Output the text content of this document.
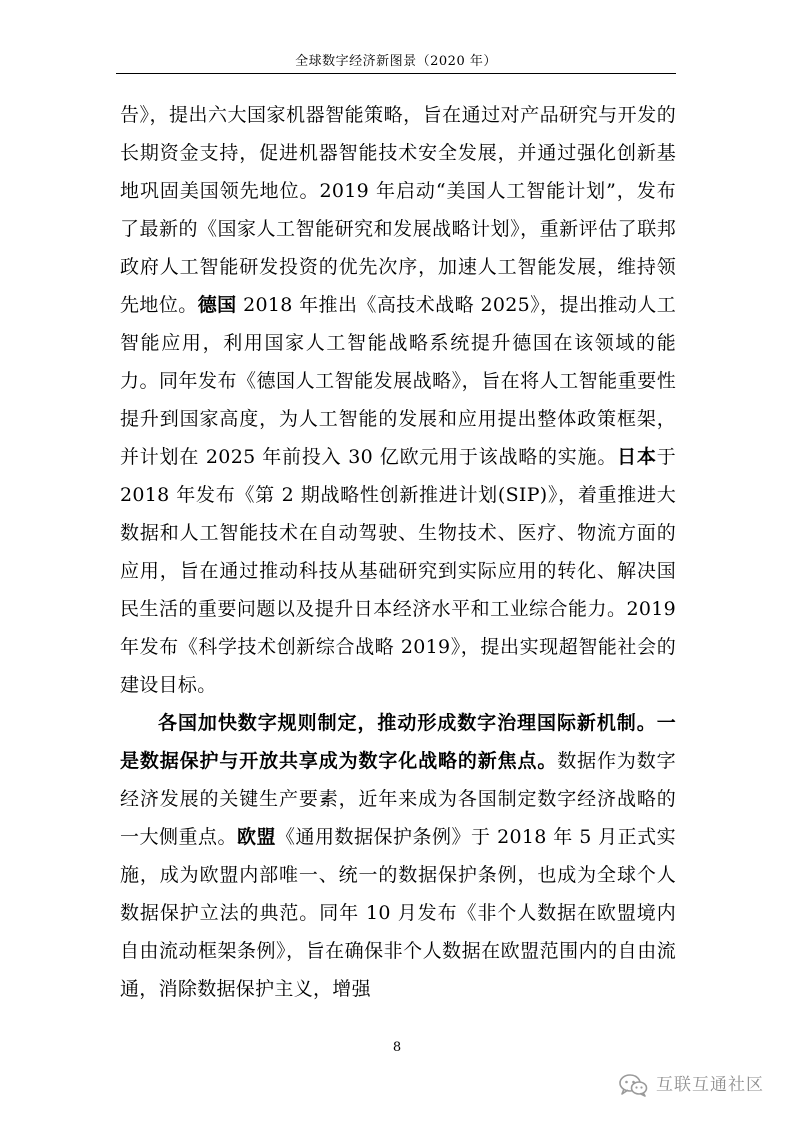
全球数字经济新图景（2020 年）

告》，提出六大国家机器智能策略，旨在通过对产品研究与开发的长期资金支持，促进机器智能技术安全发展，并通过强化创新基地巩固美国领先地位。2019 年启动“美国人工智能计划”，发布了最新的《国家人工智能研究和发展战略计划》，重新评估了联邦政府人工智能研发投资的优先次序，加速人工智能发展，维持领先地位。德国 2018 年推出《高技术战略 2025》，提出推动人工智能应用，利用国家人工智能战略系统提升德国在该领域的能力。同年发布《德国人工智能发展战略》，旨在将人工智能重要性提升到国家高度，为人工智能的发展和应用提出整体政策框架，并计划在 2025 年前投入 30 亿欧元用于该战略的实施。日本于 2018 年发布《第 2 期战略性创新推进计划(SIP)》，着重推进大数据和人工智能技术在自动驾驶、生物技术、医疗、物流方面的应用，旨在通过推动科技从基础研究到实际应用的转化、解决国民生活的重要问题以及提升日本经济水平和工业综合能力。2019 年发布《科学技术创新综合战略 2019》，提出实现超智能社会的建设目标。

各国加快数字规则制定，推动形成数字治理国际新机制。一是数据保护与开放共享成为数字化战略的新焦点。数据作为数字经济发展的关键生产要素，近年来成为各国制定数字经济战略的一大侧重点。欧盟《通用数据保护条例》于 2018 年 5 月正式实施，成为欧盟内部唯一、统一的数据保护条例，也成为全球个人数据保护立法的典范。同年 10 月发布《非个人数据在欧盟境内自由流动框架条例》，旨在确保非个人数据在欧盟范围内的自由流通，消除数据保护主义，增强

8
互联互通社区
